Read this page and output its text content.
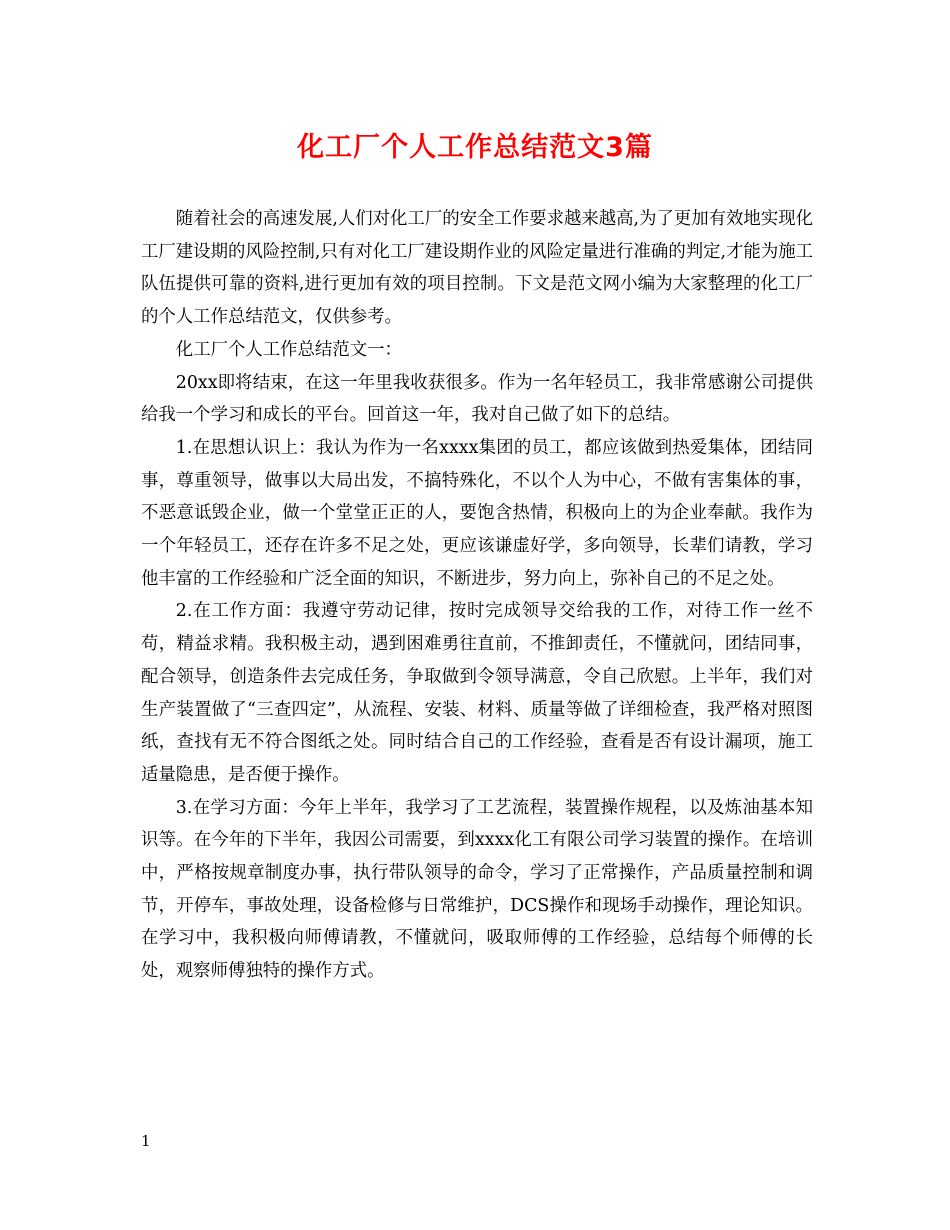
化工厂个人工作总结范文3篇

随着社会的高速发展,人们对化工厂的安全工作要求越来越高,为了更加有效地实现化工厂建设期的风险控制,只有对化工厂建设期作业的风险定量进行准确的判定,才能为施工队伍提供可靠的资料,进行更加有效的项目控制。下文是范文网小编为大家整理的化工厂的个人工作总结范文，仅供参考。

化工厂个人工作总结范文一：

20xx即将结束，在这一年里我收获很多。作为一名年轻员工，我非常感谢公司提供给我一个学习和成长的平台。回首这一年，我对自己做了如下的总结。

1.在思想认识上：我认为作为一名xxxx集团的员工，都应该做到热爱集体，团结同事，尊重领导，做事以大局出发，不搞特殊化，不以个人为中心，不做有害集体的事，不恶意诋毁企业，做一个堂堂正正的人，要饱含热情，积极向上的为企业奉献。我作为一个年轻员工，还存在许多不足之处，更应该谦虚好学，多向领导，长辈们请教，学习他丰富的工作经验和广泛全面的知识，不断进步，努力向上，弥补自己的不足之处。

2.在工作方面：我遵守劳动记律，按时完成领导交给我的工作，对待工作一丝不苟，精益求精。我积极主动，遇到困难勇往直前，不推卸责任，不懂就问，团结同事，配合领导，创造条件去完成任务，争取做到令领导满意，令自己欣慰。上半年，我们对生产装置做了“三查四定”，从流程、安装、材料、质量等做了详细检查，我严格对照图纸，查找有无不符合图纸之处。同时结合自己的工作经验，查看是否有设计漏项，施工适量隐患，是否便于操作。

3.在学习方面：今年上半年，我学习了工艺流程，装置操作规程，以及炼油基本知识等。在今年的下半年，我因公司需要，到xxxx化工有限公司学习装置的操作。在培训中，严格按规章制度办事，执行带队领导的命令，学习了正常操作，产品质量控制和调节，开停车，事故处理，设备检修与日常维护，DCS操作和现场手动操作，理论知识。在学习中，我积极向师傅请教，不懂就问，吸取师傅的工作经验，总结每个师傅的长处，观察师傅独特的操作方式。

1
